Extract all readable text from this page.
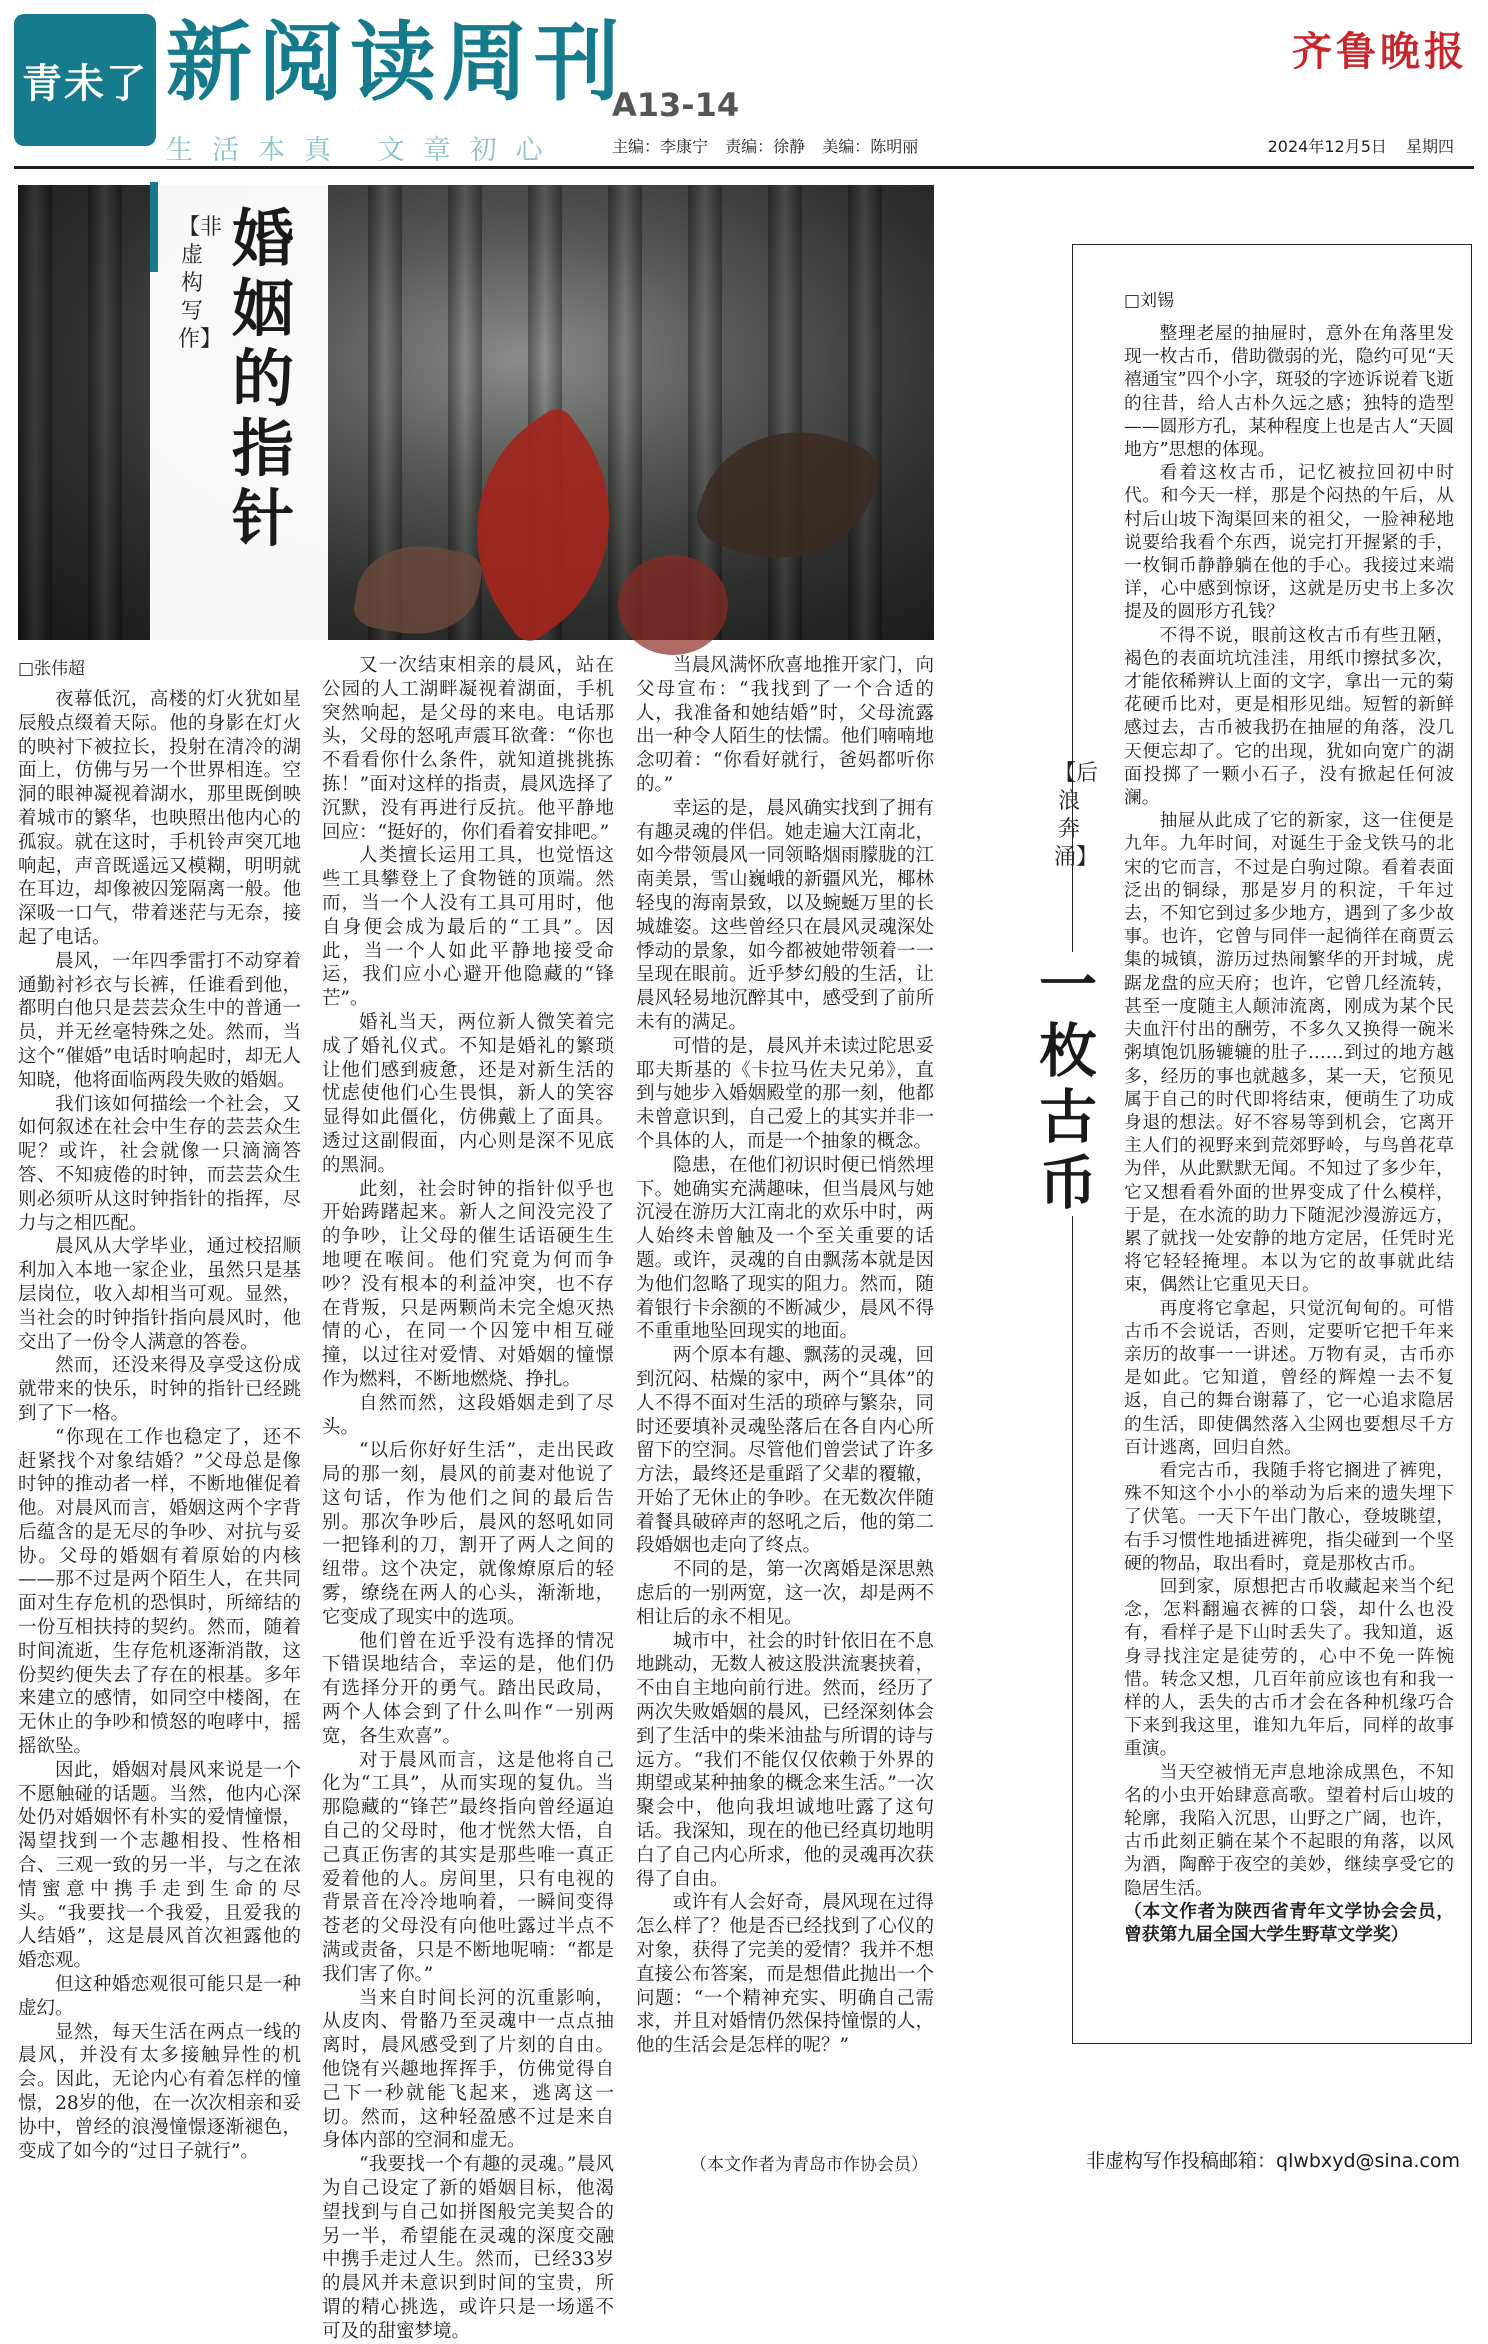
青未了 新阅读周刊
A13-14
齐鲁晚报
生活本真 文章初心	主编：李康宁 责编：徐静 美编：陈明丽	2024年12月5日 星期四
【非虚构写作】
婚姻的指针
□张伟超

夜幕低沉，高楼的灯火犹如星辰般点缀着天际。他的身影在灯火的映衬下被拉长，投射在清冷的湖面上，仿佛与另一个世界相连。空洞的眼神凝视着湖水，那里既倒映着城市的繁华，也映照出他内心的孤寂。就在这时，手机铃声突兀地响起，声音既遥远又模糊，明明就在耳边，却像被囚笼隔离一般。他深吸一口气，带着迷茫与无奈，接起了电话。

晨风，一年四季雷打不动穿着通勤衬衫衣与长裤，任谁看到他，都明白他只是芸芸众生中的普通一员，并无丝毫特殊之处。然而，当这个“催婚”电话时响起时，却无人知晓，他将面临两段失败的婚姻。

我们该如何描绘一个社会，又如何叙述在社会中生存的芸芸众生呢？或许，社会就像一只滴滴答答、不知疲倦的时钟，而芸芸众生则必须听从这时钟指针的指挥，尽力与之相匹配。

晨风从大学毕业，通过校招顺利加入本地一家企业，虽然只是基层岗位，收入却相当可观。显然，当社会的时钟指针指向晨风时，他交出了一份令人满意的答卷。

然而，还没来得及享受这份成就带来的快乐，时钟的指针已经跳到了下一格。

“你现在工作也稳定了，还不赶紧找个对象结婚？”父母总是像时钟的推动者一样，不断地催促着他。对晨风而言，婚姻这两个字背后蕴含的是无尽的争吵、对抗与妥协。父母的婚姻有着原始的内核——那不过是两个陌生人，在共同面对生存危机的恐惧时，所缔结的一份互相扶持的契约。然而，随着时间流逝，生存危机逐渐消散，这份契约便失去了存在的根基。多年来建立的感情，如同空中楼阁，在无休止的争吵和愤怒的咆哮中，摇摇欲坠。

因此，婚姻对晨风来说是一个不愿触碰的话题。当然，他内心深处仍对婚姻怀有朴实的爱情憧憬，渴望找到一个志趣相投、性格相合、三观一致的另一半，与之在浓情蜜意中携手走到生命的尽头。“我要找一个我爱，且爱我的人结婚”，这是晨风首次袒露他的婚恋观。

但这种婚恋观很可能只是一种虚幻。

显然，每天生活在两点一线的晨风，并没有太多接触异性的机会。因此，无论内心有着怎样的憧憬，28岁的他，在一次次相亲和妥协中，曾经的浪漫憧憬逐渐褪色，变成了如今的“过日子就行”。

又一次结束相亲的晨风，站在公园的人工湖畔凝视着湖面，手机突然响起，是父母的来电。电话那头，父母的怒吼声震耳欲聋：“你也不看看你什么条件，就知道挑挑拣拣！”面对这样的指责，晨风选择了沉默，没有再进行反抗。他平静地回应：“挺好的，你们看着安排吧。”

人类擅长运用工具，也觉悟这些工具攀登上了食物链的顶端。然而，当一个人没有工具可用时，他自身便会成为最后的“工具”。因此，当一个人如此平静地接受命运，我们应小心避开他隐藏的“锋芒”。

婚礼当天，两位新人微笑着完成了婚礼仪式。不知是婚礼的繁琐让他们感到疲惫，还是对新生活的忧虑使他们心生畏惧，新人的笑容显得如此僵化，仿佛戴上了面具。透过这副假面，内心则是深不见底的黑洞。

此刻，社会时钟的指针似乎也开始踌躇起来。新人之间没完没了的争吵，让父母的催生话语硬生生地哽在喉间。他们究竟为何而争吵？没有根本的利益冲突，也不存在背叛，只是两颗尚未完全熄灭热情的心，在同一个囚笼中相互碰撞，以过往对爱情、对婚姻的憧憬作为燃料，不断地燃烧、挣扎。

自然而然，这段婚姻走到了尽头。

“以后你好好生活”，走出民政局的那一刻，晨风的前妻对他说了这句话，作为他们之间的最后告别。那次争吵后，晨风的怒吼如同一把锋利的刀，割开了两人之间的纽带。这个决定，就像燎原后的轻雾，缭绕在两人的心头，渐渐地，它变成了现实中的选项。

他们曾在近乎没有选择的情况下错误地结合，幸运的是，他们仍有选择分开的勇气。踏出民政局，两个人体会到了什么叫作“一别两宽，各生欢喜”。

对于晨风而言，这是他将自己化为“工具”，从而实现的复仇。当那隐藏的“锋芒”最终指向曾经逼迫自己的父母时，他才恍然大悟，自己真正伤害的其实是那些唯一真正爱着他的人。房间里，只有电视的背景音在冷冷地响着，一瞬间变得苍老的父母没有向他吐露过半点不满或责备，只是不断地呢喃：“都是我们害了你。”

当来自时间长河的沉重影响，从皮肉、骨骼乃至灵魂中一点点抽离时，晨风感受到了片刻的自由。他饶有兴趣地挥挥手，仿佛觉得自己下一秒就能飞起来，逃离这一切。然而，这种轻盈感不过是来自身体内部的空洞和虚无。

“我要找一个有趣的灵魂。”晨风为自己设定了新的婚姻目标，他渴望找到与自己如拼图般完美契合的另一半，希望能在灵魂的深度交融中携手走过人生。然而，已经33岁的晨风并未意识到时间的宝贵，所谓的精心挑选，或许只是一场遥不可及的甜蜜梦境。

当晨风满怀欣喜地推开家门，向父母宣布：“我找到了一个合适的人，我准备和她结婚”时，父母流露出一种令人陌生的怯懦。他们喃喃地念叨着：“你看好就行，爸妈都听你的。”

幸运的是，晨风确实找到了拥有有趣灵魂的伴侣。她走遍大江南北，如今带领晨风一同领略烟雨朦胧的江南美景，雪山巍峨的新疆风光，椰林轻曳的海南景致，以及蜿蜒万里的长城雄姿。这些曾经只在晨风灵魂深处悸动的景象，如今都被她带领着一一呈现在眼前。近乎梦幻般的生活，让晨风轻易地沉醉其中，感受到了前所未有的满足。

可惜的是，晨风并未读过陀思妥耶夫斯基的《卡拉马佐夫兄弟》，直到与她步入婚姻殿堂的那一刻，他都未曾意识到，自己爱上的其实并非一个具体的人，而是一个抽象的概念。

隐患，在他们初识时便已悄然埋下。她确实充满趣味，但当晨风与她沉浸在游历大江南北的欢乐中时，两人始终未曾触及一个至关重要的话题。或许，灵魂的自由飘荡本就是因为他们忽略了现实的阻力。然而，随着银行卡余额的不断减少，晨风不得不重重地坠回现实的地面。

两个原本有趣、飘荡的灵魂，回到沉闷、枯燥的家中，两个“具体”的人不得不面对生活的琐碎与繁杂，同时还要填补灵魂坠落后在各自内心所留下的空洞。尽管他们曾尝试了许多方法，最终还是重蹈了父辈的覆辙，开始了无休止的争吵。在无数次伴随着餐具破碎声的怒吼之后，他的第二段婚姻也走向了终点。

不同的是，第一次离婚是深思熟虑后的一别两宽，这一次，却是两不相让后的永不相见。

城市中，社会的时针依旧在不息地跳动，无数人被这股洪流裹挟着，不由自主地向前行进。然而，经历了两次失败婚姻的晨风，已经深刻体会到了生活中的柴米油盐与所谓的诗与远方。“我们不能仅仅依赖于外界的期望或某种抽象的概念来生活。”一次聚会中，他向我坦诚地吐露了这句话。我深知，现在的他已经真切地明白了自己内心所求，他的灵魂再次获得了自由。

或许有人会好奇，晨风现在过得怎么样了？他是否已经找到了心仪的对象，获得了完美的爱情？我并不想直接公布答案，而是想借此抛出一个问题：“一个精神充实、明确自己需求，并且对婚情仍然保持憧憬的人，他的生活会是怎样的呢？”

（本文作者为青岛市作协会员）
【后浪奔涌】
一枚古币
□刘锡

整理老屋的抽屉时，意外在角落里发现一枚古币，借助微弱的光，隐约可见“天禧通宝”四个小字，斑驳的字迹诉说着飞逝的往昔，给人古朴久远之感；独特的造型——圆形方孔，某种程度上也是古人“天圆地方”思想的体现。

看着这枚古币，记忆被拉回初中时代。和今天一样，那是个闷热的午后，从村后山坡下淘渠回来的祖父，一脸神秘地说要给我看个东西，说完打开握紧的手，一枚铜币静静躺在他的手心。我接过来端详，心中感到惊讶，这就是历史书上多次提及的圆形方孔钱？

不得不说，眼前这枚古币有些丑陋，褐色的表面坑坑洼洼，用纸巾擦拭多次，才能依稀辨认上面的文字，拿出一元的菊花硬币比对，更是相形见绌。短暂的新鲜感过去，古币被我扔在抽屉的角落，没几天便忘却了。它的出现，犹如向宽广的湖面投掷了一颗小石子，没有掀起任何波澜。

抽屉从此成了它的新家，这一住便是九年。九年时间，对诞生于金戈铁马的北宋的它而言，不过是白驹过隙。看着表面泛出的铜绿，那是岁月的积淀，千年过去，不知它到过多少地方，遇到了多少故事。也许，它曾与同伴一起徜徉在商贾云集的城镇，游历过热闹繁华的开封城，虎踞龙盘的应天府；也许，它曾几经流转，甚至一度随主人颠沛流离，刚成为某个民夫血汗付出的酬劳，不多久又换得一碗米粥填饱饥肠辘辘的肚子……到过的地方越多，经历的事也就越多，某一天，它预见属于自己的时代即将结束，便萌生了功成身退的想法。好不容易等到机会，它离开主人们的视野来到荒郊野岭，与鸟兽花草为伴，从此默默无闻。不知过了多少年，它又想看看外面的世界变成了什么模样，于是，在水流的助力下随泥沙漫游远方，累了就找一处安静的地方定居，任凭时光将它轻轻掩埋。本以为它的故事就此结束，偶然让它重见天日。

再度将它拿起，只觉沉甸甸的。可惜古币不会说话，否则，定要听它把千年来亲历的故事一一讲述。万物有灵，古币亦是如此。它知道，曾经的辉煌一去不复返，自己的舞台谢幕了，它一心追求隐居的生活，即使偶然落入尘网也要想尽千方百计逃离，回归自然。

看完古币，我随手将它搁进了裤兜，殊不知这个小小的举动为后来的遗失埋下了伏笔。一天下午出门散心，登坡眺望，右手习惯性地插进裤兜，指尖碰到一个坚硬的物品，取出看时，竟是那枚古币。

回到家，原想把古币收藏起来当个纪念，怎料翻遍衣裤的口袋，却什么也没有，看样子是下山时丢失了。我知道，返身寻找注定是徒劳的，心中不免一阵惋惜。转念又想，几百年前应该也有和我一样的人，丢失的古币才会在各种机缘巧合下来到我这里，谁知九年后，同样的故事重演。

当天空被悄无声息地涂成黑色，不知名的小虫开始肆意高歌。望着村后山坡的轮廓，我陷入沉思，山野之广阔，也许，古币此刻正躺在某个不起眼的角落，以风为酒，陶醉于夜空的美妙，继续享受它的隐居生活。

（本文作者为陕西省青年文学协会会员，曾获第九届全国大学生野草文学奖）

非虚构写作投稿邮箱：qlwbxyd@sina.com
